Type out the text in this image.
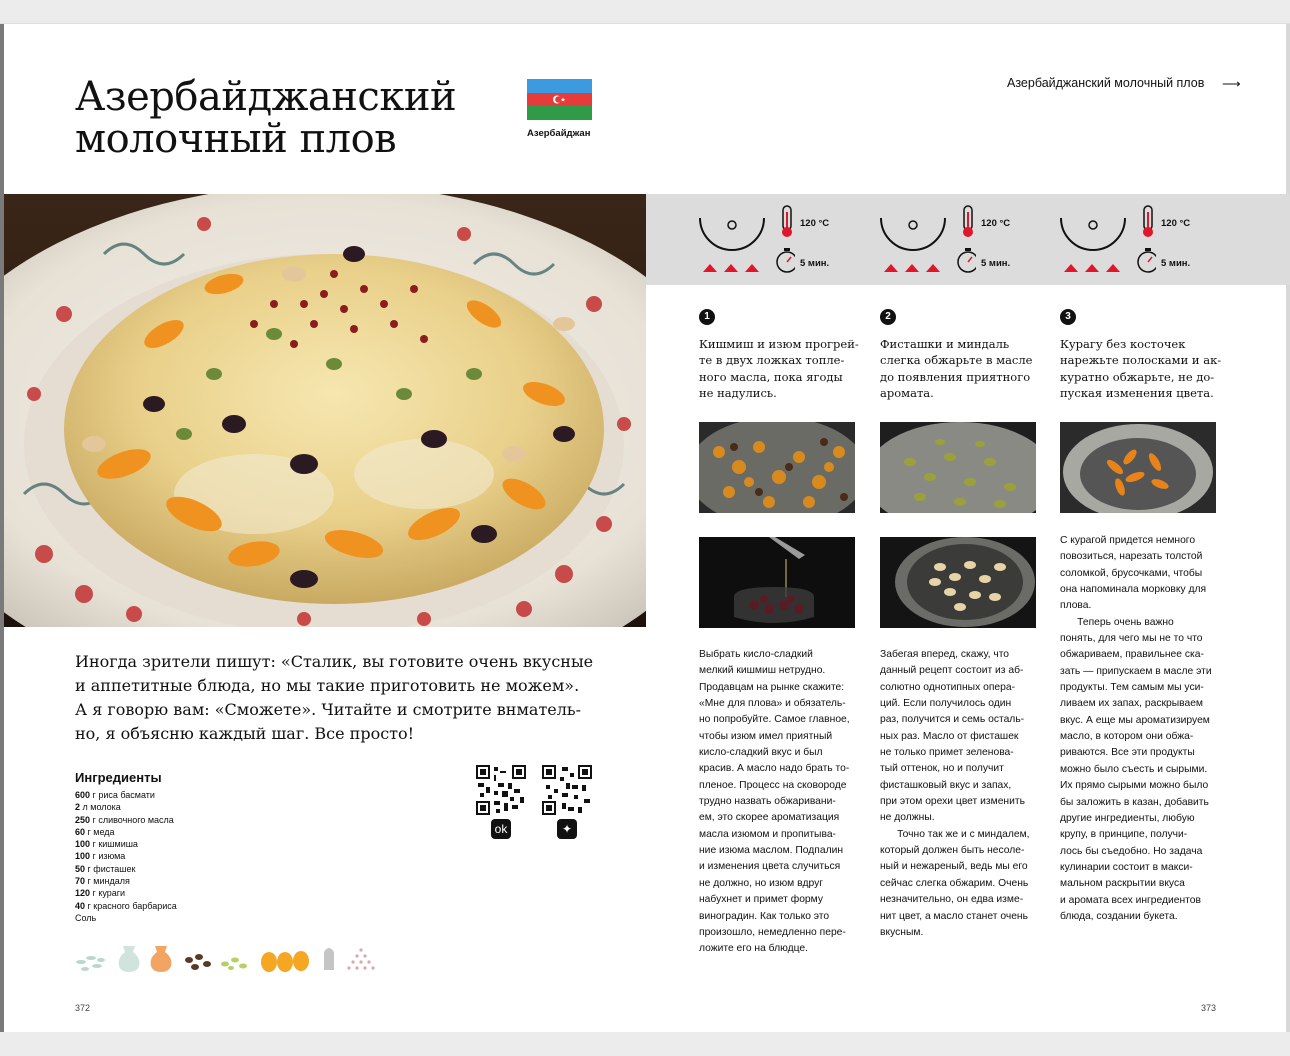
Азербайджанский
молочный плов	Азербайджан
Азербайджанский молочный плов ⟶

Иногда зрители пишут: «Сталик, вы готовите очень вкусные
и аппетитные блюда, но мы такие приготовить не можем».
А я говорю вам: «Сможете». Читайте и смотрите внматель-
но, я объясню каждый шаг. Все просто!

Ингредиенты
600 г риса басмати
2 л молока
250 г сливочного масла
60 г меда
100 г кишмиша
100 г изюма
50 г фисташек
70 г миндаля
120 г кураги
40 г красного барбариса
Соль
ok	✦
372	373
120 °С
5 мин.
120 °С
5 мин.
120 °С
5 мин.
1	2	3

Кишмиш и изюм прогрей-
те в двух ложках топле-
ного масла, пока ягоды
не надулись.

Фисташки и миндаль
слегка обжарьте в масле
до появления приятного
аромата.

Курагу без косточек
нарежьте полосками и ак-
куратно обжарьте, не до-
пуская изменения цвета.

Выбрать кисло-сладкий
мелкий кишмиш нетрудно.
Продавцам на рынке скажите:
«Мне для плова» и обязатель-
но попробуйте. Самое главное,
чтобы изюм имел приятный
кисло-сладкий вкус и был
красив. А масло надо брать то-
пленое. Процесс на сковороде
трудно назвать обжаривани-
ем, это скорее ароматизация
масла изюмом и пропитыва-
ние изюма маслом. Подпалин
и изменения цвета случиться
не должно, но изюм вдруг
набухнет и примет форму
виноградин. Как только это
произошло, немедленно пере-
ложите его на блюдце.
Забегая вперед, скажу, что
данный рецепт состоит из аб-
солютно однотипных опера-
ций. Если получилось один
раз, получится и семь осталь-
ных раз. Масло от фисташек
не только примет зеленова-
тый оттенок, но и получит
фисташковый вкус и запах,
при этом орехи цвет изменить
не должны.
Точно так же и с миндалем,
который должен быть несоле-
ный и нежареный, ведь мы его
сейчас слегка обжарим. Очень
незначительно, он едва изме-
нит цвет, а масло станет очень
вкусным.
С курагой придется немного
повозиться, нарезать толстой
соломкой, брусочками, чтобы
она напоминала морковку для
плова.
Теперь очень важно
понять, для чего мы не то что
обжариваем, правильнее ска-
зать — припускаем в масле эти
продукты. Тем самым мы уси-
ливаем их запах, раскрываем
вкус. А еще мы ароматизируем
масло, в котором они обжа-
риваются. Все эти продукты
можно было съесть и сырыми.
Их прямо сырыми можно было
бы заложить в казан, добавить
другие ингредиенты, любую
крупу, в принципе, получи-
лось бы съедобно. Но задача
кулинарии состоит в макси-
мальном раскрытии вкуса
и аромата всех ингредиентов
блюда, создании букета.
